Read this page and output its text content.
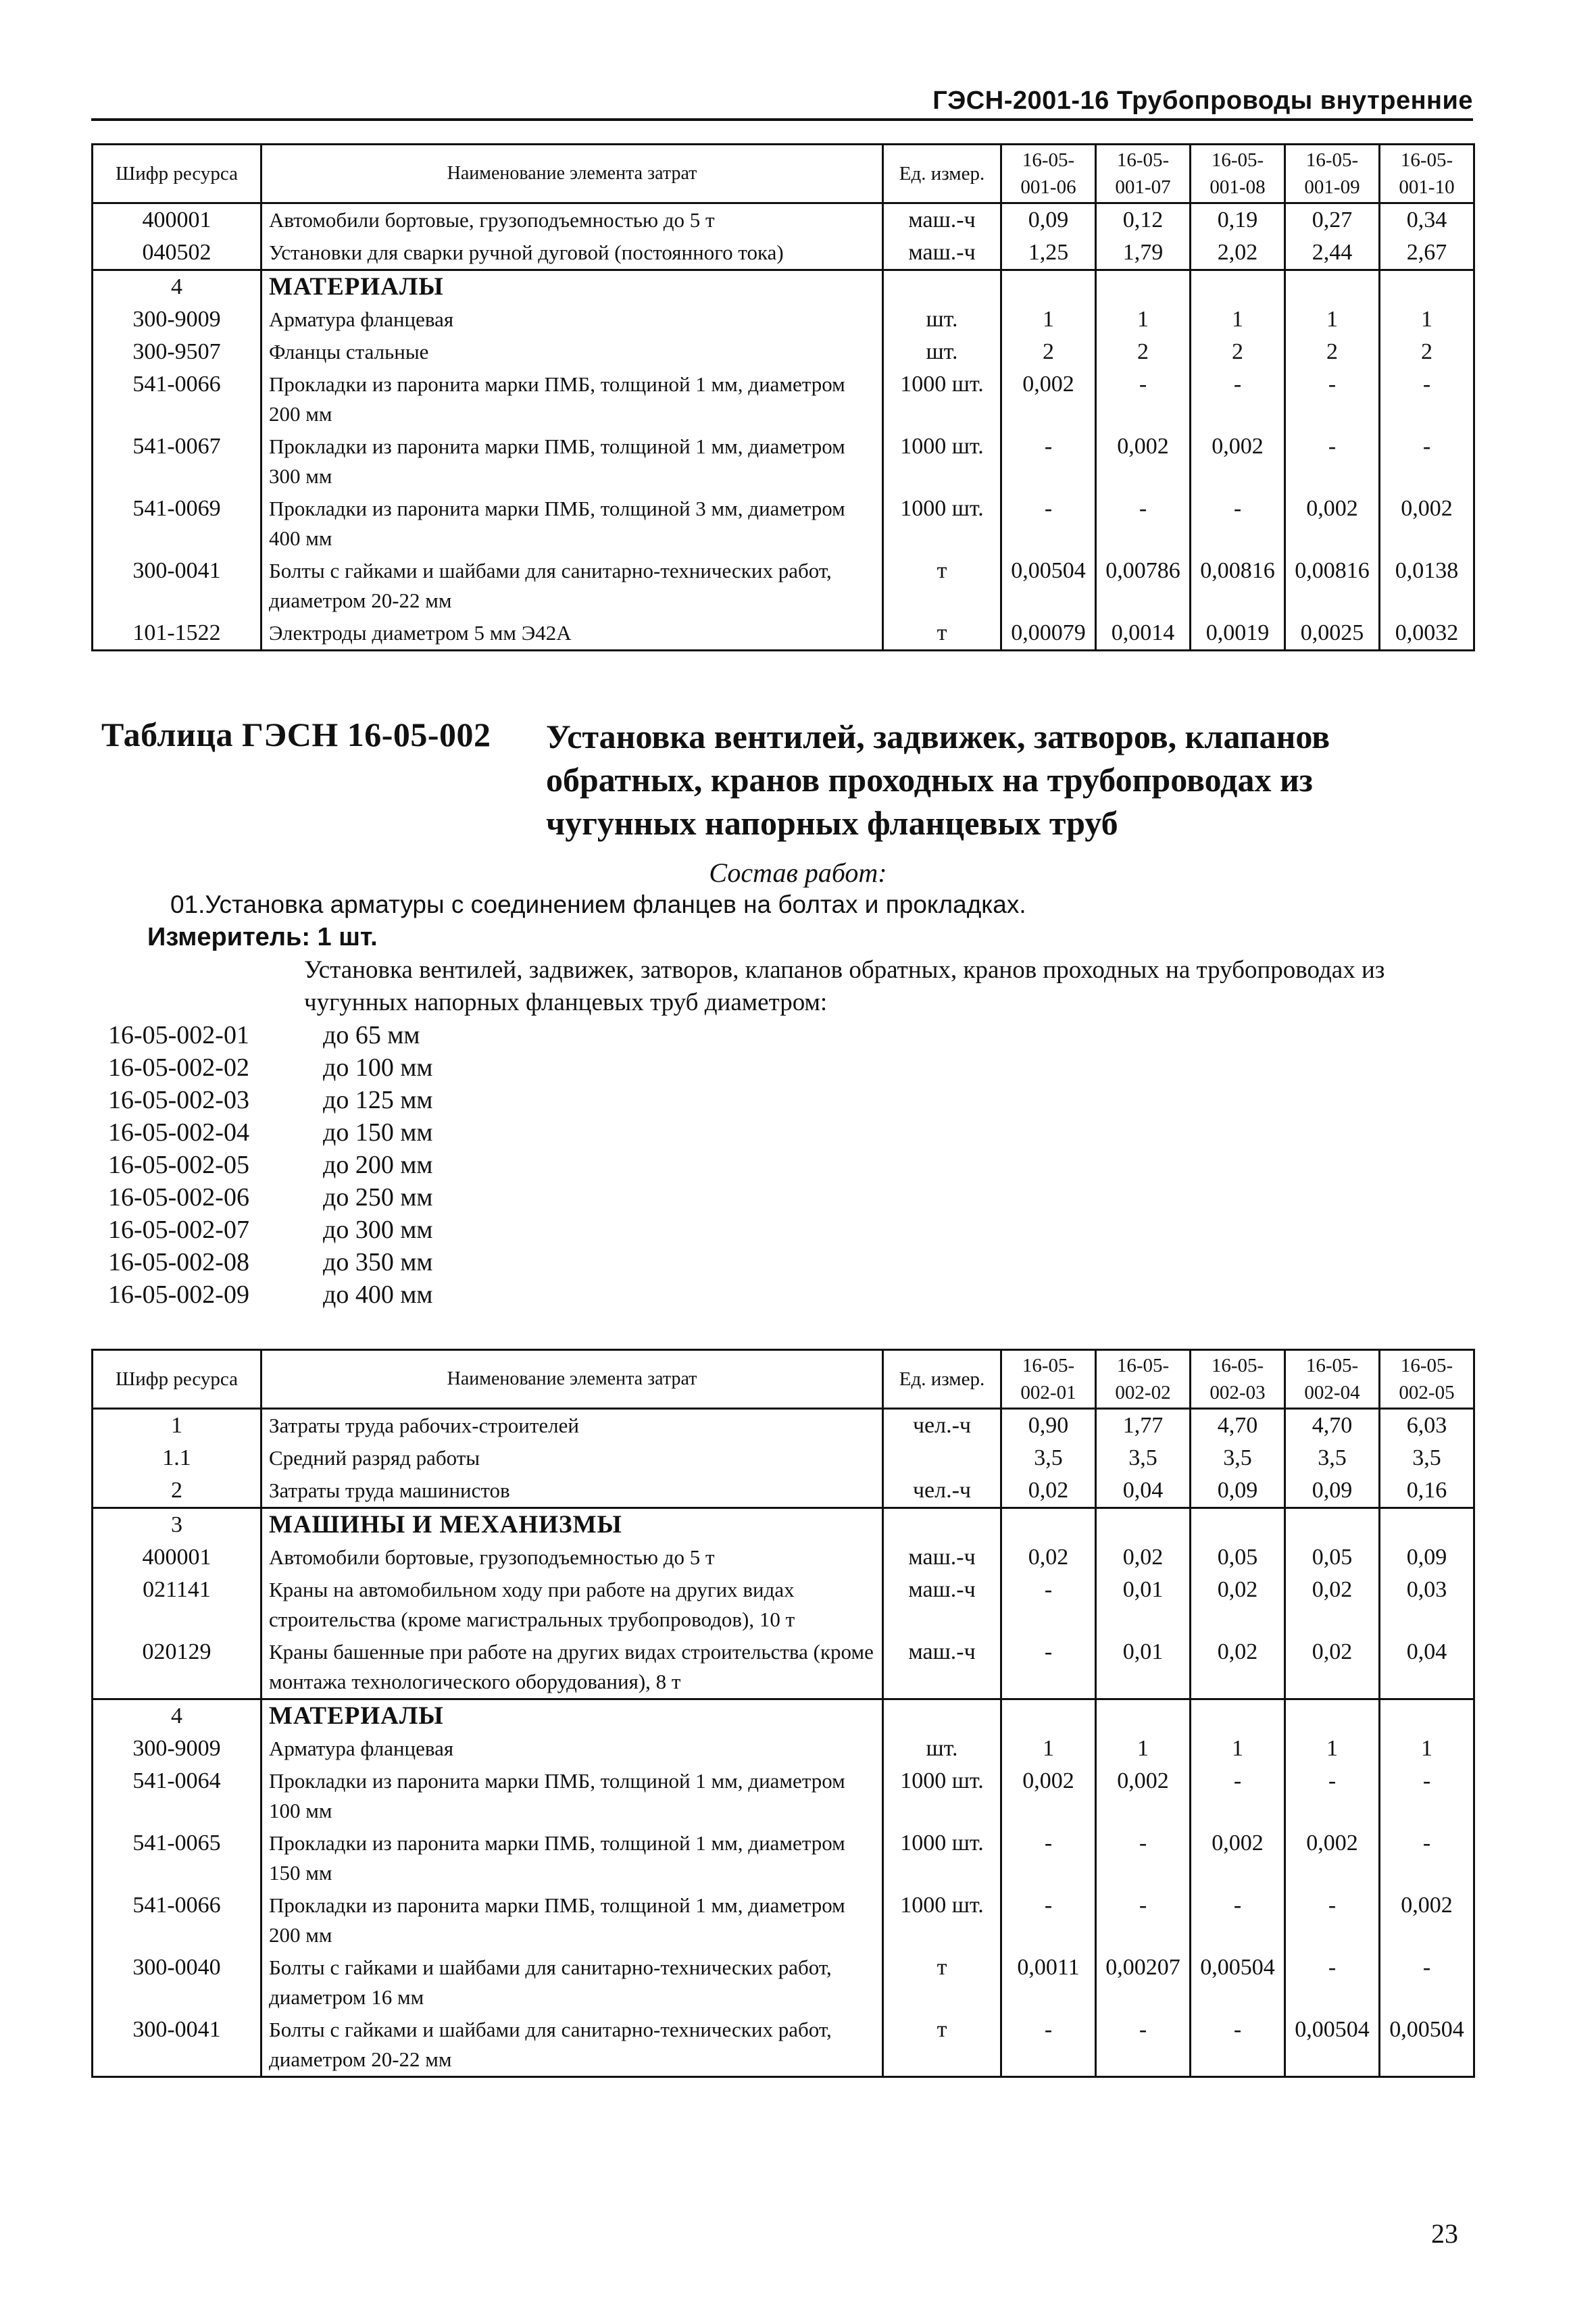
ГЭСН-2001-16 Трубопроводы внутренние
Шифр ресурса	Наименование элемента затрат	Ед. измер.	16-05-001-06	16-05-001-07	16-05-001-08	16-05-001-09	16-05-001-10
400001	Автомобили бортовые, грузоподъемностью до 5 т	маш.-ч	0,09	0,12	0,19	0,27	0,34
040502	Установки для сварки ручной дуговой (постоянного тока)	маш.-ч	1,25	1,79	2,02	2,44	2,67
4	МАТЕРИАЛЫ						
300-9009	Арматура фланцевая	шт.	1	1	1	1	1
300-9507	Фланцы стальные	шт.	2	2	2	2	2
541-0066	Прокладки из паронита марки ПМБ, толщиной 1 мм, диаметром 200 мм	1000 шт.	0,002	-	-	-	-
541-0067	Прокладки из паронита марки ПМБ, толщиной 1 мм, диаметром 300 мм	1000 шт.	-	0,002	0,002	-	-
541-0069	Прокладки из паронита марки ПМБ, толщиной 3 мм, диаметром 400 мм	1000 шт.	-	-	-	0,002	0,002
300-0041	Болты с гайками и шайбами для санитарно-технических работ, диаметром 20-22 мм	т	0,00504	0,00786	0,00816	0,00816	0,0138
101-1522	Электроды диаметром 5 мм Э42А	т	0,00079	0,0014	0,0019	0,0025	0,0032
Таблица ГЭСН 16-05-002 Установка вентилей, задвижек, затворов, клапанов обратных, кранов проходных на трубопроводах из чугунных напорных фланцевых труб
Состав работ:
01.Установка арматуры с соединением фланцев на болтах и прокладках.
Измеритель: 1 шт.
Установка вентилей, задвижек, затворов, клапанов обратных, кранов проходных на трубопроводах из чугунных напорных фланцевых труб диаметром:
16-05-002-01	до 65 мм
16-05-002-02	до 100 мм
16-05-002-03	до 125 мм
16-05-002-04	до 150 мм
16-05-002-05	до 200 мм
16-05-002-06	до 250 мм
16-05-002-07	до 300 мм
16-05-002-08	до 350 мм
16-05-002-09	до 400 мм
Шифр ресурса	Наименование элемента затрат	Ед. измер.	16-05-002-01	16-05-002-02	16-05-002-03	16-05-002-04	16-05-002-05
1	Затраты труда рабочих-строителей	чел.-ч	0,90	1,77	4,70	4,70	6,03
1.1	Средний разряд работы		3,5	3,5	3,5	3,5	3,5
2	Затраты труда машинистов	чел.-ч	0,02	0,04	0,09	0,09	0,16
3	МАШИНЫ И МЕХАНИЗМЫ						
400001	Автомобили бортовые, грузоподъемностью до 5 т	маш.-ч	0,02	0,02	0,05	0,05	0,09
021141	Краны на автомобильном ходу при работе на других видах строительства (кроме магистральных трубопроводов), 10 т	маш.-ч	-	0,01	0,02	0,02	0,03
020129	Краны башенные при работе на других видах строительства (кроме монтажа технологического оборудования), 8 т	маш.-ч	-	0,01	0,02	0,02	0,04
4	МАТЕРИАЛЫ						
300-9009	Арматура фланцевая	шт.	1	1	1	1	1
541-0064	Прокладки из паронита марки ПМБ, толщиной 1 мм, диаметром 100 мм	1000 шт.	0,002	0,002	-	-	-
541-0065	Прокладки из паронита марки ПМБ, толщиной 1 мм, диаметром 150 мм	1000 шт.	-	-	0,002	0,002	-
541-0066	Прокладки из паронита марки ПМБ, толщиной 1 мм, диаметром 200 мм	1000 шт.	-	-	-	-	0,002
300-0040	Болты с гайками и шайбами для санитарно-технических работ, диаметром 16 мм	т	0,0011	0,00207	0,00504	-	-
300-0041	Болты с гайками и шайбами для санитарно-технических работ, диаметром 20-22 мм	т	-	-	-	0,00504	0,00504
23
